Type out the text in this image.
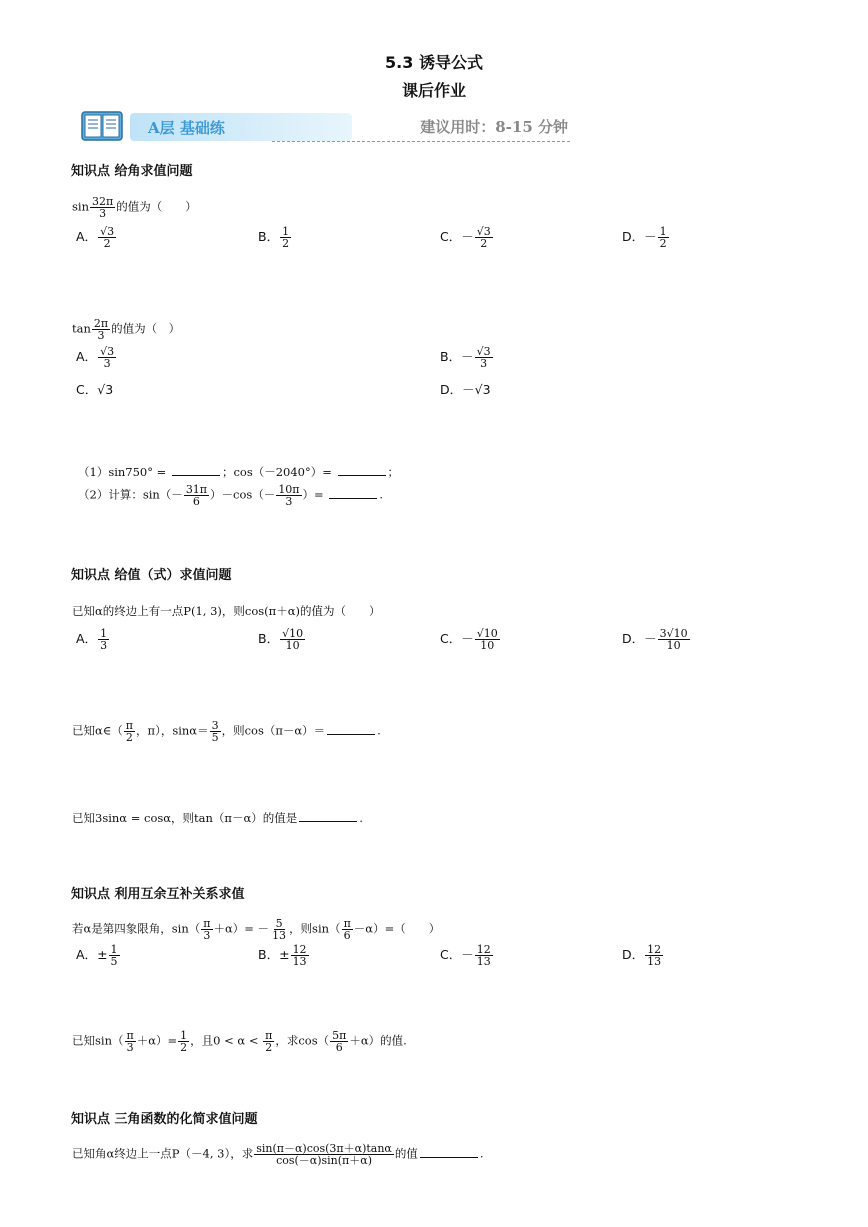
5.3 诱导公式
课后作业
A层 基础练	建议用时：8-15 分钟
知识点 给角求值问题
$\sin \frac{32\pi}{3}$ 的值为（　　）
A． $\frac{√3}{2}$	B． $\frac{1}{2}$	C．－ $\frac{√3}{2}$	D．－ $\frac{1}{2}$
$\tan \frac{2\pi}{3}$ 的值为（　）
A． $\frac{√3}{3}$	B．－ $\frac{√3}{3}$
C．√3	D．－√3
（1）sin750° =	；cos（－2040°）=	；
（2）计算：$\sin(- \frac{31\pi}{6} )-\cos(- \frac{10\pi}{3}$ ）=	.
知识点 给值（式）求值问题
已知α的终边上有一点P(1, 3)，则cos(π＋α)的值为（　　）
A． $\frac{1}{3}$	B． $\frac{√10}{10}$	C．－ $\frac{√10}{10}$	D．－ $\frac{3√10}{10}$
已知α∈（ $\frac{\pi}{2}$ ，π），$\sin\alpha= \frac{3}{5}$ ，则cos（π－α）＝	.
已知3sinα = cosα，则tan（π－α）的值是	.
知识点 利用互余互补关系求值
若α是第四象限角，$\sin( \frac{\pi}{3} +\alpha)= - \frac{5}{13}$ ，则$\sin( \frac{\pi}{6} -\alpha)=$（　　）
A．± $\frac{1}{5}$	B．± $\frac{12}{13}$	C．－ $\frac{12}{13}$	D． $\frac{12}{13}$
已知$\sin( \frac{\pi}{3} +\alpha)= \frac{1}{2}$ ，且$0 < \alpha < \frac{\pi}{2}$ ，求$\cos( \frac{5\pi}{6} +\alpha)$的值.
知识点 三角函数的化简求值问题
已知角α终边上一点P（－4, 3），求 $\frac{\sin(\pi-\alpha)\cos(3\pi+\alpha)\tan\alpha}{\cos(-\alpha)\sin(\pi+\alpha)}$ 的值	.
